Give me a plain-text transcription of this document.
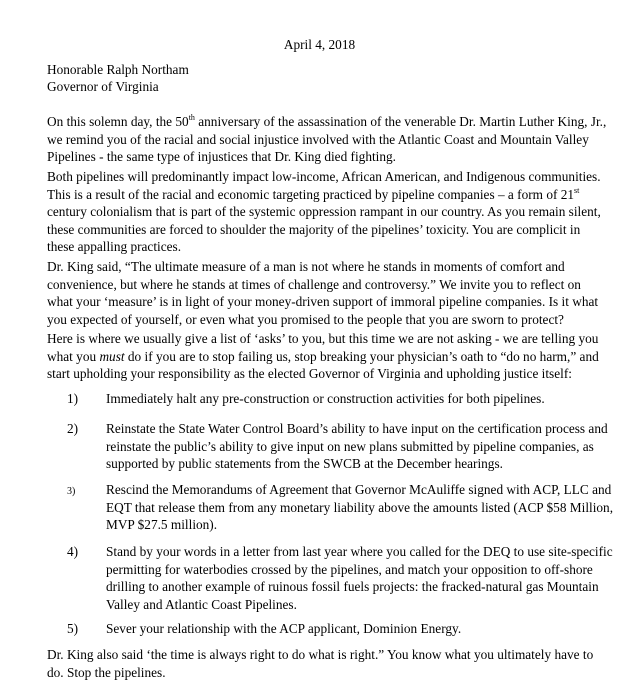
April 4, 2018
Honorable Ralph Northam
Governor of Virginia

On this solemn day, the 50th anniversary of the assassination of the venerable Dr. Martin Luther King, Jr., we remind you of the racial and social injustice involved with the Atlantic Coast and Mountain Valley Pipelines - the same type of injustices that Dr. King died fighting.

Both pipelines will predominantly impact low-income, African American, and Indigenous communities. This is a result of the racial and economic targeting practiced by pipeline companies – a form of 21st century colonialism that is part of the systemic oppression rampant in our country. As you remain silent, these communities are forced to shoulder the majority of the pipelines’ toxicity. You are complicit in these appalling practices.

Dr. King said, “The ultimate measure of a man is not where he stands in moments of comfort and convenience, but where he stands at times of challenge and controversy.” We invite you to reflect on what your ‘measure’ is in light of your money-driven support of immoral pipeline companies. Is it what you expected of yourself, or even what you promised to the people that you are sworn to protect?

Here is where we usually give a list of ‘asks’ to you, but this time we are not asking - we are telling you what you must do if you are to stop failing us, stop breaking your physician’s oath to “do no harm,” and start upholding your responsibility as the elected Governor of Virginia and upholding justice itself:

1)	Immediately halt any pre-construction or construction activities for both pipelines.
2)	Reinstate the State Water Control Board’s ability to have input on the certification process and reinstate the public’s ability to give input on new plans submitted by pipeline companies, as supported by public statements from the SWCB at the December hearings.
3)	Rescind the Memorandums of Agreement that Governor McAuliffe signed with ACP, LLC and EQT that release them from any monetary liability above the amounts listed (ACP $58 Million, MVP $27.5 million).
4)	Stand by your words in a letter from last year where you called for the DEQ to use site-specific permitting for waterbodies crossed by the pipelines, and match your opposition to off-shore drilling to another example of ruinous fossil fuels projects: the fracked-natural gas Mountain Valley and Atlantic Coast Pipelines.
5)	Sever your relationship with the ACP applicant, Dominion Energy.

Dr. King also said ‘the time is always right to do what is right.” You know what you ultimately have to do. Stop the pipelines.
